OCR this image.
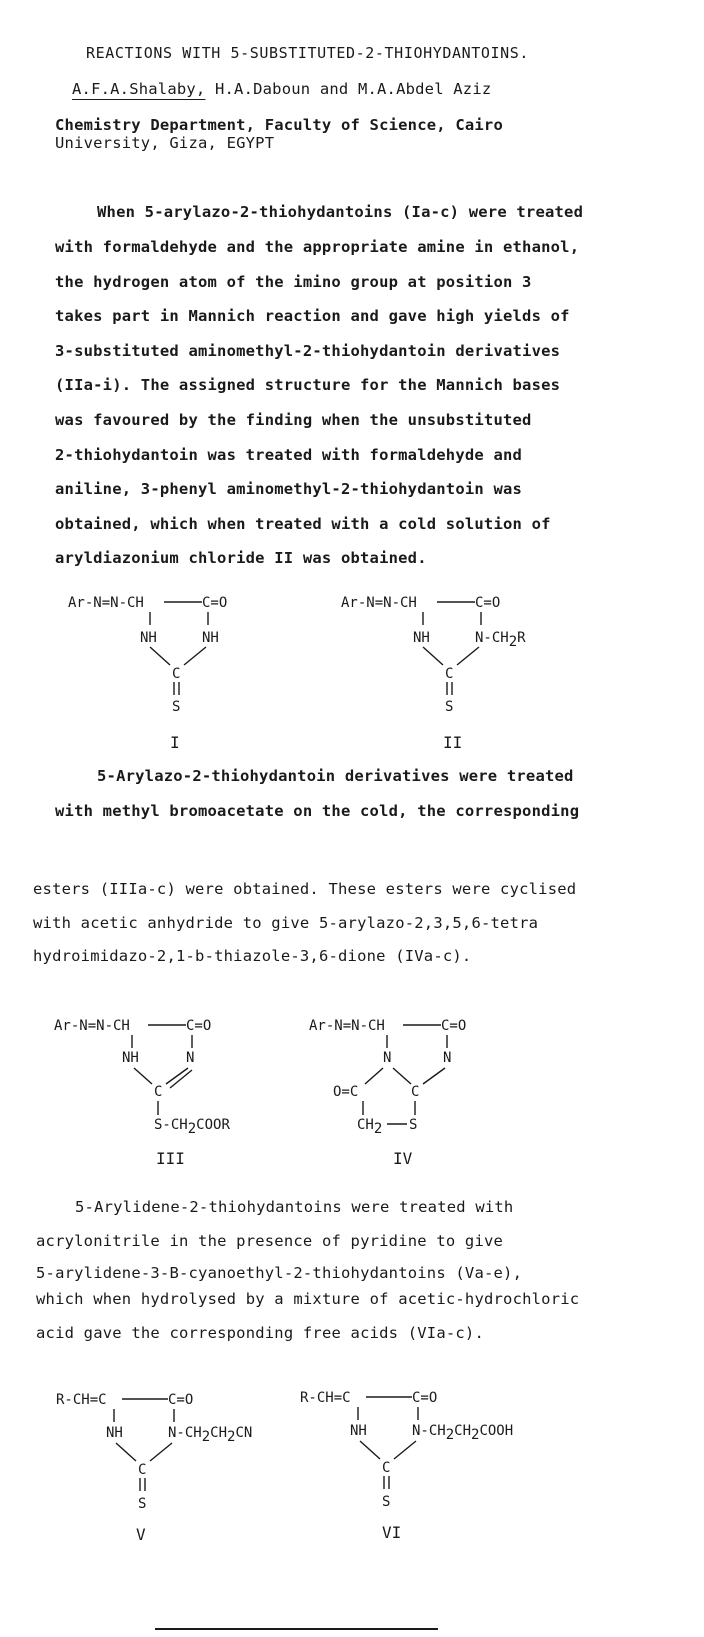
REACTIONS WITH 5-SUBSTITUTED-2-THIOHYDANTOINS.
A.F.A.Shalaby, H.A.Daboun and M.A.Abdel Aziz
Chemistry Department, Faculty of Science, Cairo
University, Giza, EGYPT
When 5-arylazo-2-thiohydantoins (Ia-c) were treated
with formaldehyde and the appropriate amine in ethanol,
the hydrogen atom of the imino group at position 3
takes part in Mannich reaction and gave high yields of
3-substituted aminomethyl-2-thiohydantoin derivatives
(IIa-i). The assigned structure for the Mannich bases
was favoured by the finding when the unsubstituted
2-thiohydantoin was treated with formaldehyde and
aniline, 3-phenyl aminomethyl-2-thiohydantoin was
obtained, which when treated with a cold solution of
aryldiazonium chloride II was obtained.
Ar-N=N-CH	C=O
NH	NH
C
S
I
Ar-N=N-CH	C=O
NH	N-CH2R
C
S
II
5-Arylazo-2-thiohydantoin derivatives were treated
with methyl bromoacetate on the cold, the corresponding
esters (IIIa-c) were obtained. These esters were cyclised
with acetic anhydride to give 5-arylazo-2,3,5,6-tetra
hydroimidazo-2,1-b-thiazole-3,6-dione (IVa-c).
Ar-N=N-CH	C=O
NH	N
C
S-CH2COOR
III
Ar-N=N-CH	C=O
N	N
O=C	C
CH2 S
IV
5-Arylidene-2-thiohydantoins were treated with
acrylonitrile in the presence of pyridine to give
5-arylidene-3-B-cyanoethyl-2-thiohydantoins (Va-e),
which when hydrolysed by a mixture of acetic-hydrochloric
acid gave the corresponding free acids (VIa-c).
R-CH=C	C=O
NH	N-CH2CH2CN
C
S
V
R-CH=C	C=O
NH	N-CH2CH2COOH
C
S
VI
